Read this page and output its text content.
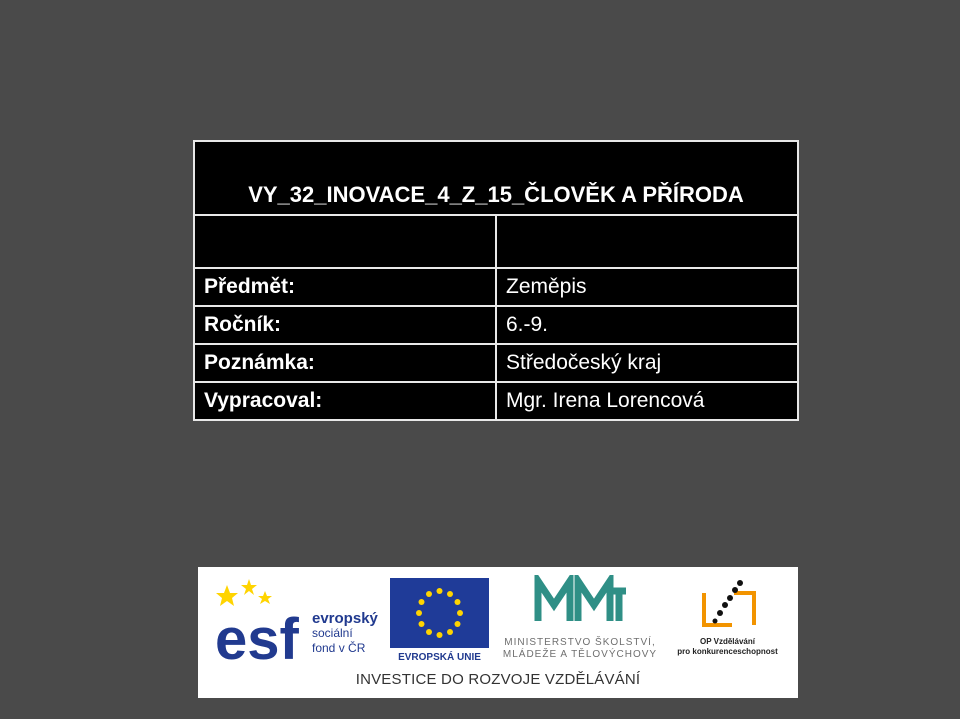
VY_32_INOVACE_4_Z_15_ČLOVĚK A PŘÍRODA	

Předmět:	Zeměpis
Ročník:	6.-9.
Poznámka:	Středočeský kraj
Vypracoval:	Mgr. Irena Lorencová
esf evropský
sociální
fond v ČR
EVROPSKÁ UNIE
MINISTERSTVO ŠKOLSTVÍ,
MLÁDEŽE A TĚLOVÝCHOVY
OP Vzdělávání
pro konkurenceschopnost
INVESTICE DO ROZVOJE VZDĚLÁVÁNÍ
